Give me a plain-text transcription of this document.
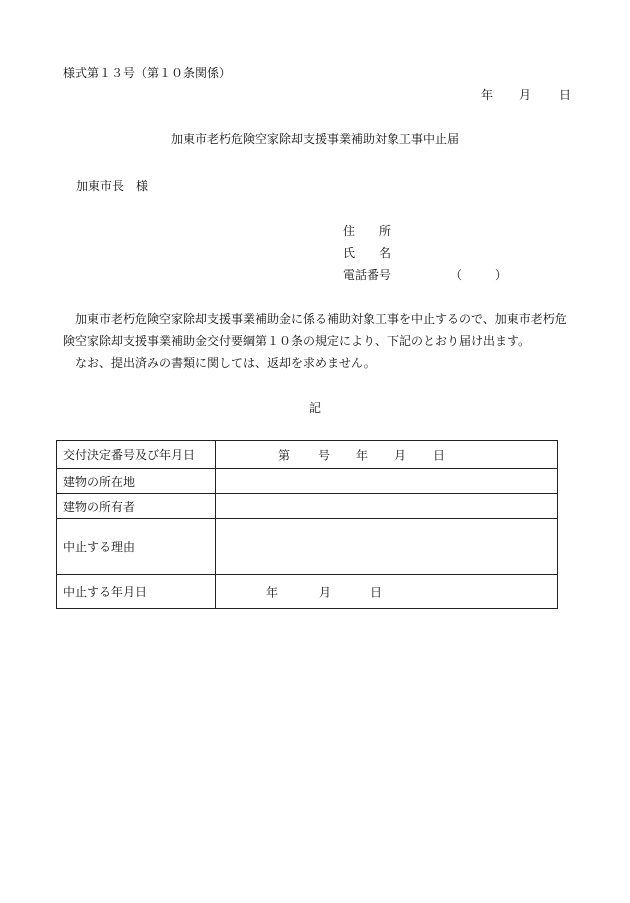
様式第１３号（第１０条関係）
年 月 日
加東市老朽危険空家除却支援事業補助対象工事中止届
加東市長　様
住　　所
氏　　名
電話番号	（	）

加東市老朽危険空家除却支援事業補助金に係る補助対象工事を中止するので、加東市老朽危険空家除却支援事業補助金交付要綱第１０条の規定により、下記のとおり届け出ます。

なお、提出済みの書類に関しては、返却を求めません。

記
交付決定番号及び年月日	第 号 年 月 日

建物の所在地	
建物の所有者	
中止する理由	
中止する年月日	年 月 日
